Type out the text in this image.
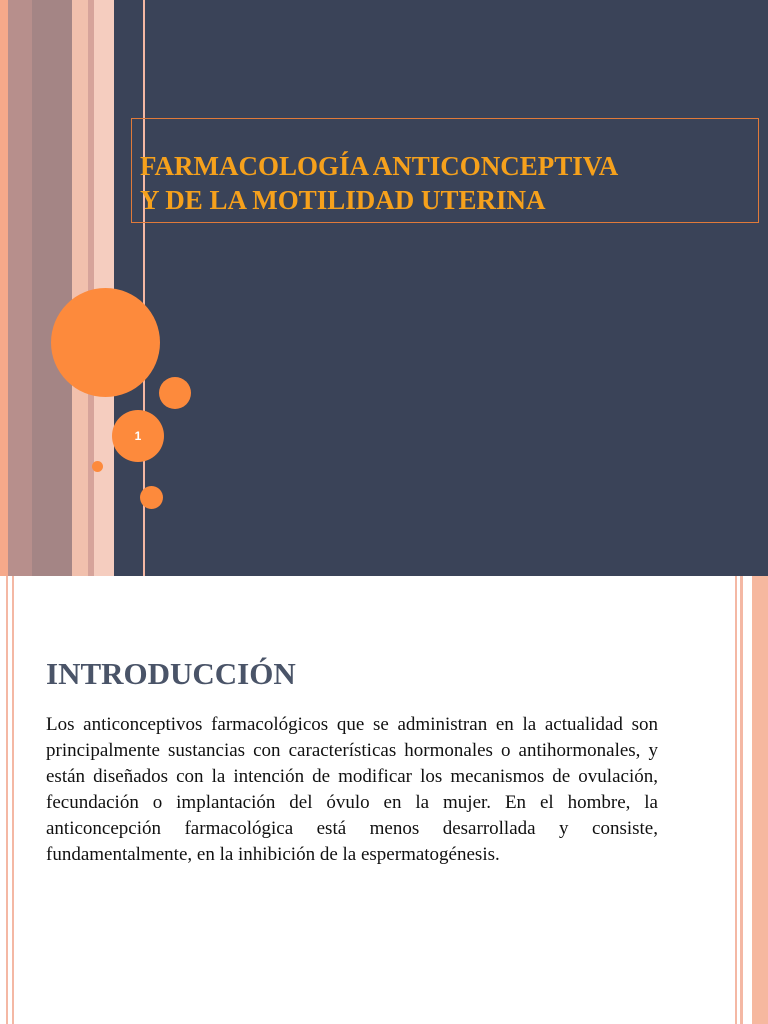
FARMACOLOGÍA ANTICONCEPTIVA
Y DE LA MOTILIDAD UTERINA
1
INTRODUCCIÓN

Los anticonceptivos farmacológicos que se administran en la actualidad son principalmente sustancias con características hormonales o antihormonales, y están diseñados con la intención de modificar los mecanismos de ovulación, fecundación o implantación del óvulo en la mujer. En el hombre, la anticoncepción farmacológica está menos desarrollada y consiste, fundamentalmente, en la inhibición de la espermatogénesis.
